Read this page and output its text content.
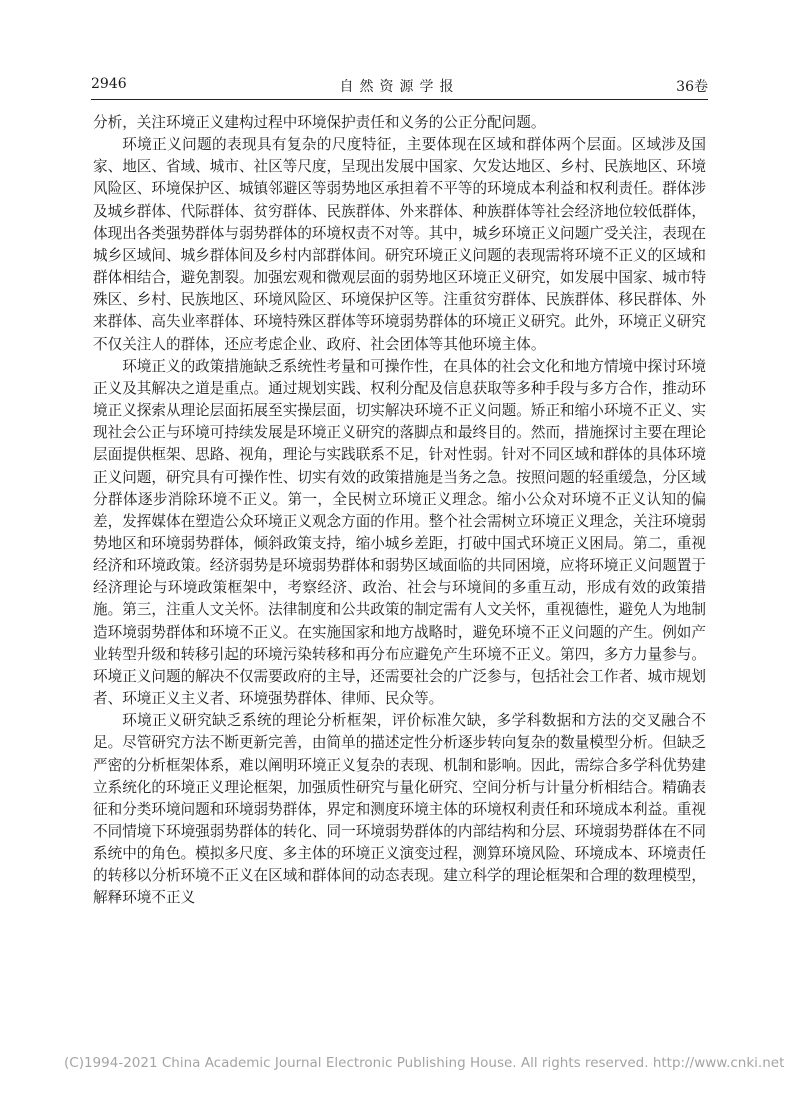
2946	自然资源学报	36卷

分析，关注环境正义建构过程中环境保护责任和义务的公正分配问题。

环境正义问题的表现具有复杂的尺度特征，主要体现在区域和群体两个层面。区域涉及国家、地区、省域、城市、社区等尺度，呈现出发展中国家、欠发达地区、乡村、民族地区、环境风险区、环境保护区、城镇邻避区等弱势地区承担着不平等的环境成本利益和权利责任。群体涉及城乡群体、代际群体、贫穷群体、民族群体、外来群体、种族群体等社会经济地位较低群体，体现出各类强势群体与弱势群体的环境权责不对等。其中，城乡环境正义问题广受关注，表现在城乡区域间、城乡群体间及乡村内部群体间。研究环境正义问题的表现需将环境不正义的区域和群体相结合，避免割裂。加强宏观和微观层面的弱势地区环境正义研究，如发展中国家、城市特殊区、乡村、民族地区、环境风险区、环境保护区等。注重贫穷群体、民族群体、移民群体、外来群体、高失业率群体、环境特殊区群体等环境弱势群体的环境正义研究。此外，环境正义研究不仅关注人的群体，还应考虑企业、政府、社会团体等其他环境主体。

环境正义的政策措施缺乏系统性考量和可操作性，在具体的社会文化和地方情境中探讨环境正义及其解决之道是重点。通过规划实践、权利分配及信息获取等多种手段与多方合作，推动环境正义探索从理论层面拓展至实操层面，切实解决环境不正义问题。矫正和缩小环境不正义、实现社会公正与环境可持续发展是环境正义研究的落脚点和最终目的。然而，措施探讨主要在理论层面提供框架、思路、视角，理论与实践联系不足，针对性弱。针对不同区域和群体的具体环境正义问题，研究具有可操作性、切实有效的政策措施是当务之急。按照问题的轻重缓急，分区域分群体逐步消除环境不正义。第一，全民树立环境正义理念。缩小公众对环境不正义认知的偏差，发挥媒体在塑造公众环境正义观念方面的作用。整个社会需树立环境正义理念，关注环境弱势地区和环境弱势群体，倾斜政策支持，缩小城乡差距，打破中国式环境正义困局。第二，重视经济和环境政策。经济弱势是环境弱势群体和弱势区域面临的共同困境，应将环境正义问题置于经济理论与环境政策框架中，考察经济、政治、社会与环境间的多重互动，形成有效的政策措施。第三，注重人文关怀。法律制度和公共政策的制定需有人文关怀，重视德性，避免人为地制造环境弱势群体和环境不正义。在实施国家和地方战略时，避免环境不正义问题的产生。例如产业转型升级和转移引起的环境污染转移和再分布应避免产生环境不正义。第四，多方力量参与。环境正义问题的解决不仅需要政府的主导，还需要社会的广泛参与，包括社会工作者、城市规划者、环境正义主义者、环境强势群体、律师、民众等。

环境正义研究缺乏系统的理论分析框架，评价标准欠缺，多学科数据和方法的交叉融合不足。尽管研究方法不断更新完善，由简单的描述定性分析逐步转向复杂的数量模型分析。但缺乏严密的分析框架体系，难以阐明环境正义复杂的表现、机制和影响。因此，需综合多学科优势建立系统化的环境正义理论框架，加强质性研究与量化研究、空间分析与计量分析相结合。精确表征和分类环境问题和环境弱势群体，界定和测度环境主体的环境权利责任和环境成本利益。重视不同情境下环境强弱势群体的转化、同一环境弱势群体的内部结构和分层、环境弱势群体在不同系统中的角色。模拟多尺度、多主体的环境正义演变过程，测算环境风险、环境成本、环境责任的转移以分析环境不正义在区域和群体间的动态表现。建立科学的理论框架和合理的数理模型，解释环境不正义

(C)1994-2021 China Academic Journal Electronic Publishing House. All rights reserved. http://www.cnki.net
